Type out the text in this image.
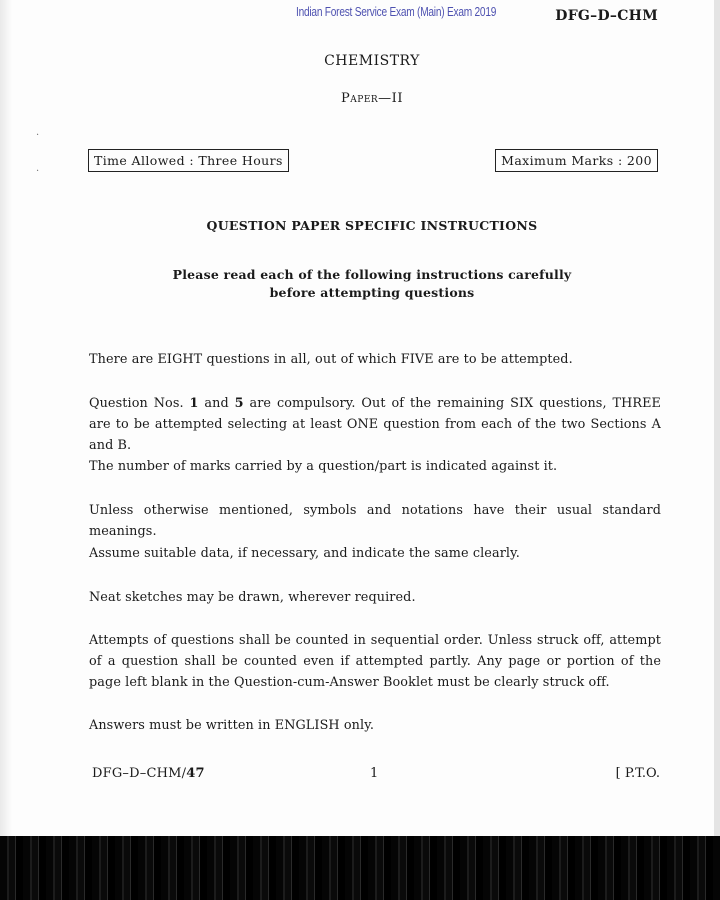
·

·
Indian Forest Service Exam (Main) Exam 2019	DFG–D–CHM
CHEMISTRY
Paper—II
Time Allowed : Three Hours	Maximum Marks : 200
QUESTION PAPER SPECIFIC INSTRUCTIONS
Please read each of the following instructions carefully
before attempting questions
There are EIGHT questions in all, out of which FIVE are to be attempted.
Question Nos. 1 and 5 are compulsory. Out of the remaining SIX questions, THREE are to be attempted selecting at least ONE question from each of the two Sections A and B.
The number of marks carried by a question/part is indicated against it.
Unless otherwise mentioned, symbols and notations have their usual standard meanings.
Assume suitable data, if necessary, and indicate the same clearly.
Neat sketches may be drawn, wherever required.
Attempts of questions shall be counted in sequential order. Unless struck off, attempt of a question shall be counted even if attempted partly. Any page or portion of the page left blank in the Question-cum-Answer Booklet must be clearly struck off.
Answers must be written in ENGLISH only.
DFG–D–CHM/47	1	[ P.T.O.
